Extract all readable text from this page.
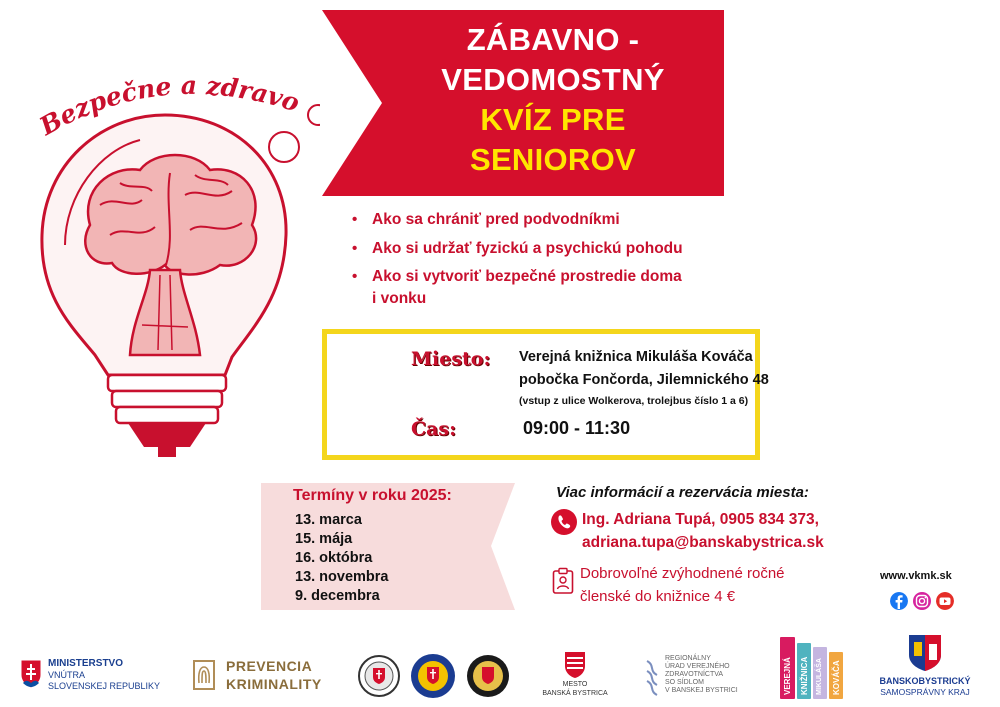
Bezpečne a zdravo
ZÁBAVNO -
VEDOMOSTNÝ
KVÍZ PRE
SENIOROV
• Ako sa chrániť pred podvodníkmi
• Ako si udržať fyzickú a psychickú pohodu
• Ako si vytvoriť bezpečné prostredie doma
i vonku
Miesto: Verejná knižnica Mikuláša Kováča
pobočka Fončorda, Jilemnického 48
(vstup z ulice Wolkerova, trolejbus číslo 1 a 6)
Čas:	09:00 - 11:30
Termíny v roku 2025:
13. marca
15. mája
16. októbra
13. novembra
9. decembra
Viac informácií a rezervácia miesta:
Ing. Adriana Tupá, 0905 834 373,
adriana.tupa@banskabystrica.sk
Dobrovoľné zvýhodnené ročné
členské do knižnice 4 €
www.vkmk.sk
MINISTERSTVO
VNÚTRA
SLOVENSKEJ REPUBLIKY
PREVENCIA
KRIMINALITY	MESTO
BANSKÁ BYSTRICA
REGIONÁLNY
ÚRAD VEREJNÉHO
ZDRAVOTNÍCTVA
SO SÍDLOM
V BANSKEJ BYSTRICI	VEREJNÁ KNIŽNICA MIKULÁŠA KOVÁČA	BANSKOBYSTRICKÝ
SAMOSPRÁVNY KRAJ
